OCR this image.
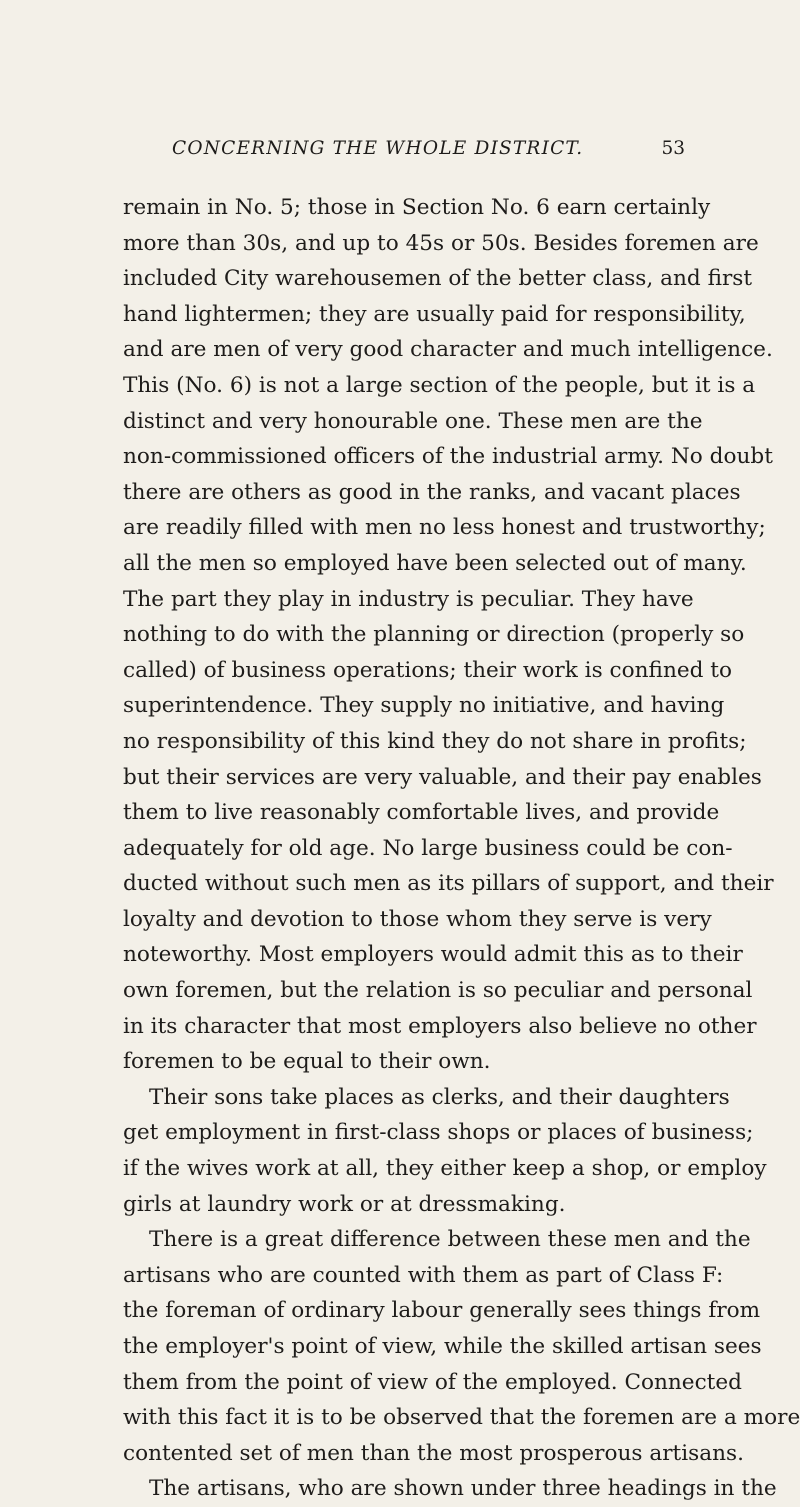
CONCERNING THE WHOLE DISTRICT.	53
remain in No. 5; those in Section No. 6 earn certainly
more than 30s, and up to 45s or 50s. Besides foremen are
included City warehousemen of the better class, and first
hand lightermen; they are usually paid for responsibility,
and are men of very good character and much intelligence.
This (No. 6) is not a large section of the people, but it is a
distinct and very honourable one. These men are the
non-commissioned officers of the industrial army. No doubt
there are others as good in the ranks, and vacant places
are readily filled with men no less honest and trustworthy;
all the men so employed have been selected out of many.
The part they play in industry is peculiar. They have
nothing to do with the planning or direction (properly so
called) of business operations; their work is confined to
superintendence. They supply no initiative, and having
no responsibility of this kind they do not share in profits;
but their services are very valuable, and their pay enables
them to live reasonably comfortable lives, and provide
adequately for old age. No large business could be con-
ducted without such men as its pillars of support, and their
loyalty and devotion to those whom they serve is very
noteworthy. Most employers would admit this as to their
own foremen, but the relation is so peculiar and personal
in its character that most employers also believe no other
foremen to be equal to their own.
Their sons take places as clerks, and their daughters
get employment in first-class shops or places of business;
if the wives work at all, they either keep a shop, or employ
girls at laundry work or at dressmaking.
There is a great difference between these men and the
artisans who are counted with them as part of Class F:
the foreman of ordinary labour generally sees things from
the employer's point of view, while the skilled artisan sees
them from the point of view of the employed. Connected
with this fact it is to be observed that the foremen are a more
contented set of men than the most prosperous artisans.
The artisans, who are shown under three headings in the
